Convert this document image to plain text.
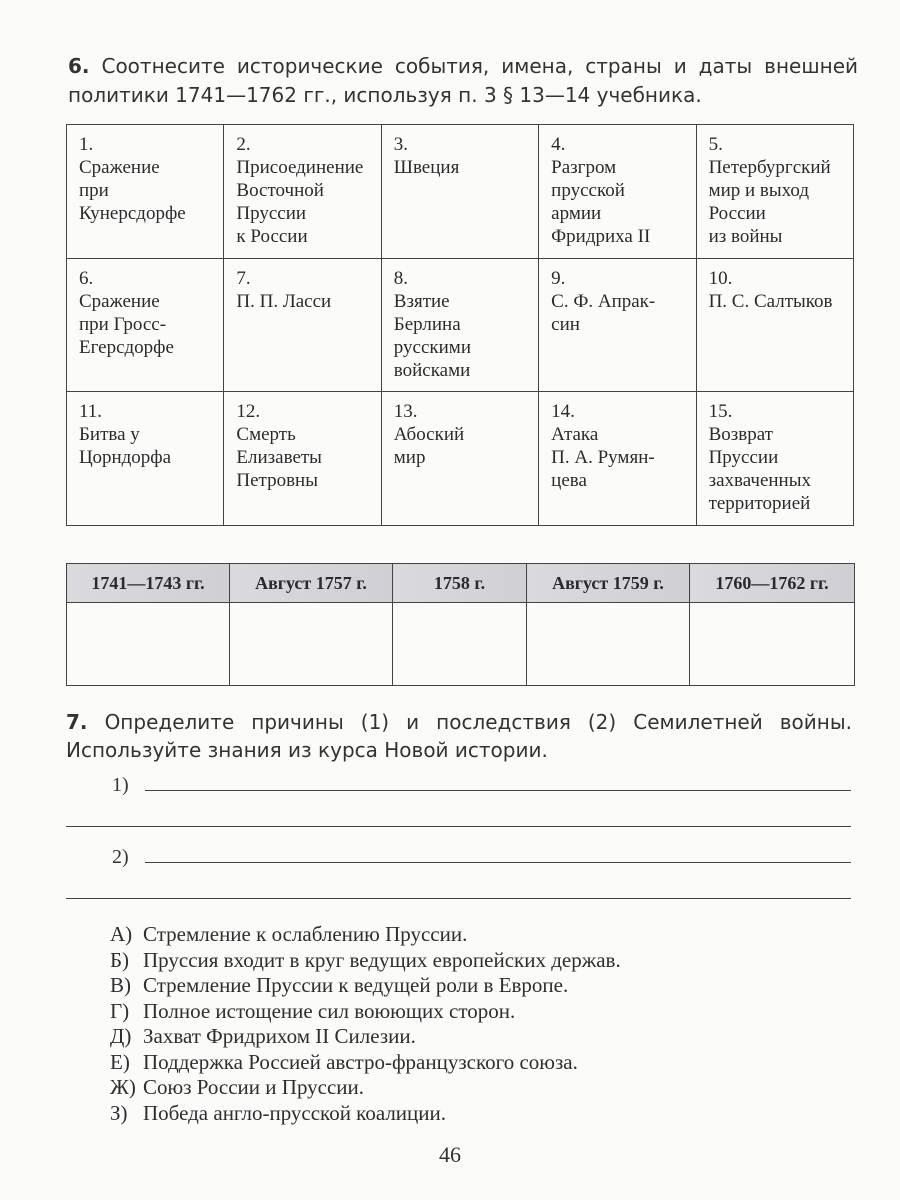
6. Соотнесите исторические события, имена, страны и даты внешней политики 1741—1762 гг., используя п. 3 § 13—14 учебника.
1.
Сражение
при
Кунерсдорфе	2.
Присоединение
Восточной
Пруссии
к России	3.
Швеция	4.
Разгром
прусской
армии
Фридриха II	5.
Петербургский
мир и выход
России
из войны

6.
Сражение
при Гросс-
Егерсдорфе	7.
П. П. Ласси	8.
Взятие
Берлина
русскими
войсками	9.
С. Ф. Апрак-
син	10.
П. С. Салтыков

11.
Битва у
Цорндорфа	12.
Смерть
Елизаветы
Петровны	13.
Абоский
мир	14.
Атака
П. А. Румян-
цева	15.
Возврат
Пруссии
захваченных
территорией
1741—1743 гг.	Август 1757 г.	1758 г.	Август 1759 г.	1760—1762 гг.

7. Определите причины (1) и последствия (2) Семилетней войны. Используйте знания из курса Новой истории.
1)
2)
А) Стремление к ослаблению Пруссии.
Б) Пруссия входит в круг ведущих европейских держав.
В) Стремление Пруссии к ведущей роли в Европе.
Г) Полное истощение сил воюющих сторон.
Д) Захват Фридрихом II Силезии.
Е) Поддержка Россией австро-французского союза.
Ж) Союз России и Пруссии.
З) Победа англо-прусской коалиции.
46
